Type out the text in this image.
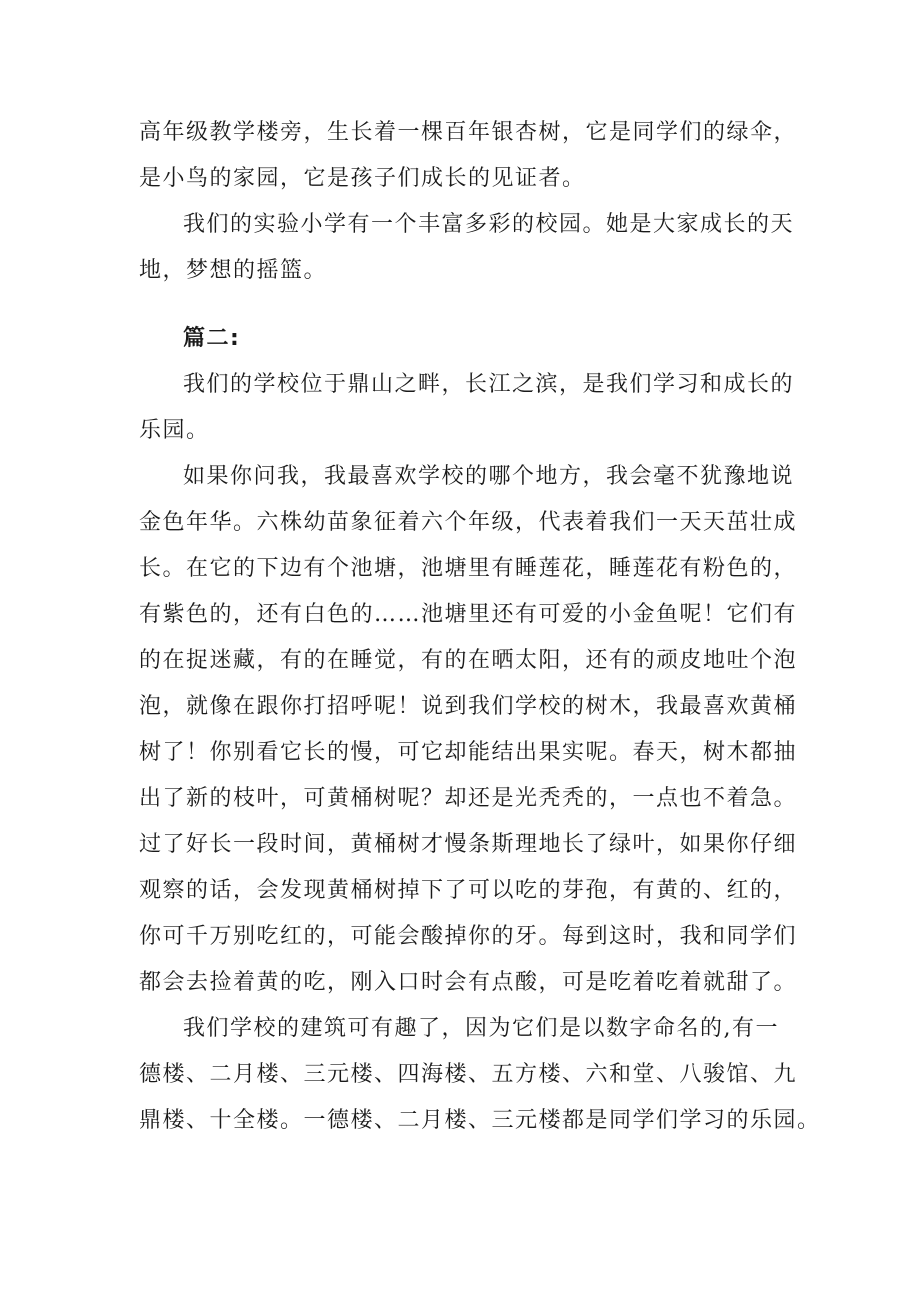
高年级教学楼旁，生长着一棵百年银杏树，它是同学们的绿伞，
是小鸟的家园，它是孩子们成长的见证者。

我们的实验小学有一个丰富多彩的校园。她是大家成长的天
地，梦想的摇篮。

篇二:

我们的学校位于鼎山之畔，长江之滨，是我们学习和成长的
乐园。

如果你问我，我最喜欢学校的哪个地方，我会毫不犹豫地说
金色年华。六株幼苗象征着六个年级，代表着我们一天天茁壮成
长。在它的下边有个池塘，池塘里有睡莲花，睡莲花有粉色的，
有紫色的，还有白色的……池塘里还有可爱的小金鱼呢！它们有
的在捉迷藏，有的在睡觉，有的在晒太阳，还有的顽皮地吐个泡
泡，就像在跟你打招呼呢！说到我们学校的树木，我最喜欢黄桶
树了！你别看它长的慢，可它却能结出果实呢。春天，树木都抽
出了新的枝叶，可黄桶树呢？却还是光秃秃的，一点也不着急。
过了好长一段时间，黄桶树才慢条斯理地长了绿叶，如果你仔细
观察的话，会发现黄桶树掉下了可以吃的芽孢，有黄的、红的，
你可千万别吃红的，可能会酸掉你的牙。每到这时，我和同学们
都会去捡着黄的吃，刚入口时会有点酸，可是吃着吃着就甜了。

我们学校的建筑可有趣了，因为它们是以数字命名的,有一
德楼、二月楼、三元楼、四海楼、五方楼、六和堂、八骏馆、九
鼎楼、十全楼。一德楼、二月楼、三元楼都是同学们学习的乐园。
